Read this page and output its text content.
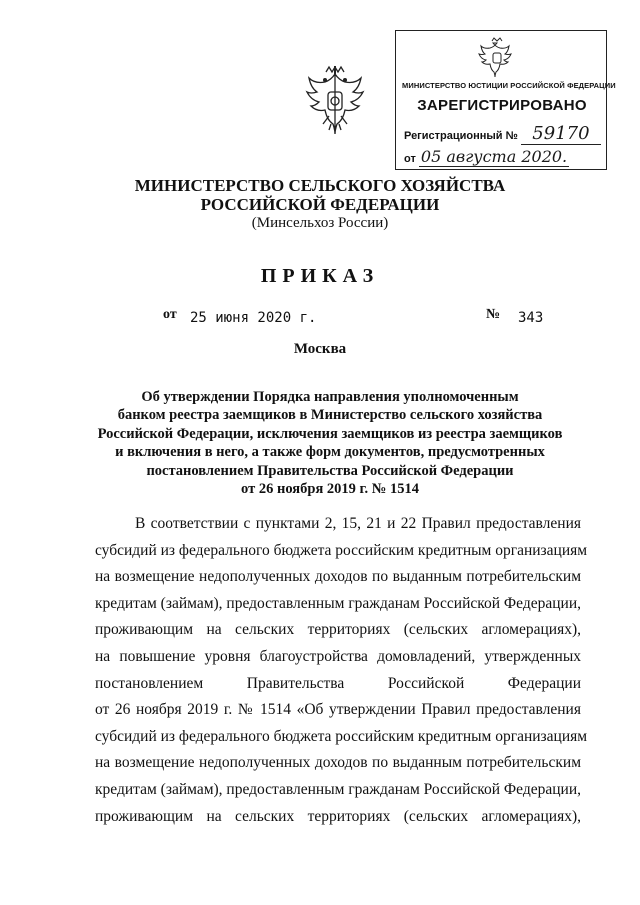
МИНИСТЕРСТВО ЮСТИЦИИ РОССИЙСКОЙ ФЕДЕРАЦИИ
ЗАРЕГИСТРИРОВАНО
Регистрационный № 59170
от 05 августа 2020.
МИНИСТЕРСТВО СЕЛЬСКОГО ХОЗЯЙСТВА
РОССИЙСКОЙ ФЕДЕРАЦИИ
(Минсельхоз России)
ПРИКАЗ
от 25 июня 2020 г.	№ 343
Москва
Об утверждении Порядка направления уполномоченным
банком реестра заемщиков в Министерство сельского хозяйства
Российской Федерации, исключения заемщиков из реестра заемщиков
и включения в него, а также форм документов, предусмотренных
постановлением Правительства Российской Федерации
от 26 ноября 2019 г. № 1514
В соответствии с пунктами 2, 15, 21 и 22 Правил предоставления
субсидий из федерального бюджета российским кредитным организациям
на возмещение недополученных доходов по выданным потребительским
кредитам (займам), предоставленным гражданам Российской Федерации,
проживающим на сельских территориях (сельских агломерациях),
на повышение уровня благоустройства домовладений, утвержденных
постановлением Правительства Российской Федерации
от 26 ноября 2019 г. № 1514 «Об утверждении Правил предоставления
субсидий из федерального бюджета российским кредитным организациям
на возмещение недополученных доходов по выданным потребительским
кредитам (займам), предоставленным гражданам Российской Федерации,
проживающим на сельских территориях (сельских агломерациях),
